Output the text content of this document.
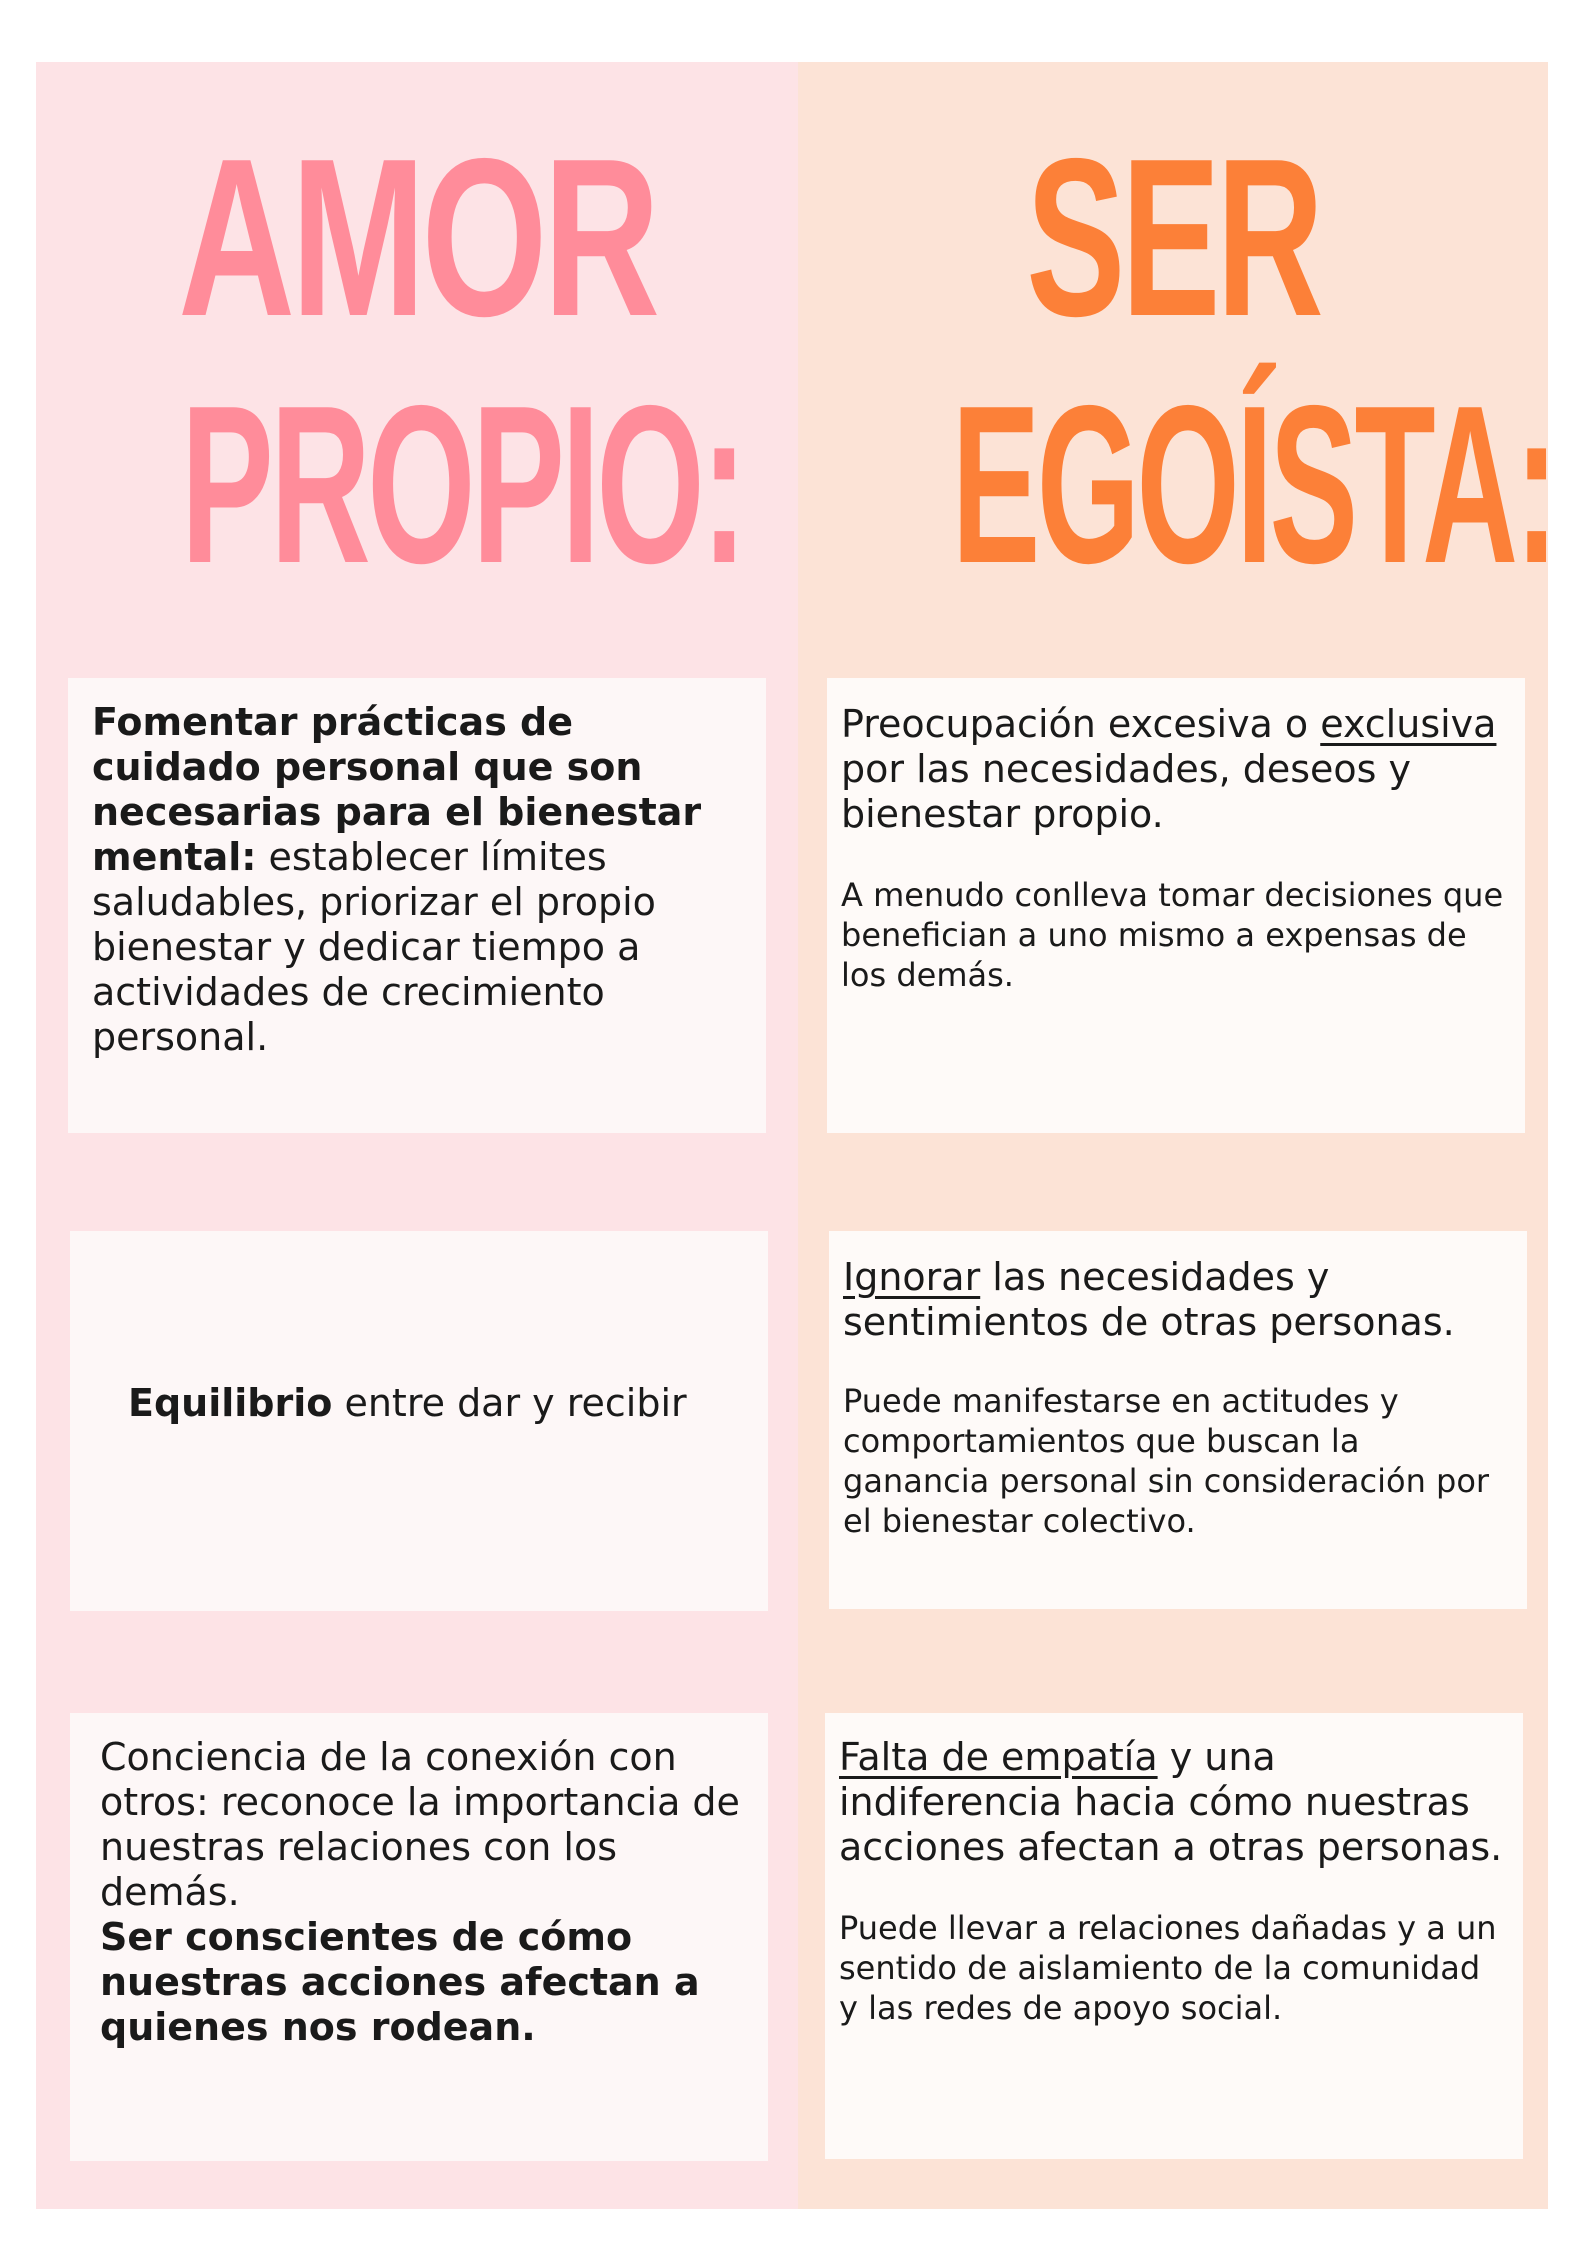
AMOR
PROPIO:
SER
EGOÍSTA:

Fomentar prácticas de cuidado personal que son necesarias para el bienestar mental: establecer límites saludables, priorizar el propio bienestar y dedicar tiempo a actividades de crecimiento personal.

Equilibrio entre dar y recibir

Conciencia de la conexión con otros: reconoce la importancia de nuestras relaciones con los demás.

Ser conscientes de cómo nuestras acciones afectan a quienes nos rodean.

Preocupación excesiva o exclusiva por las necesidades, deseos y bienestar propio.

A menudo conlleva tomar decisiones que benefician a uno mismo a expensas de los demás.

Ignorar las necesidades y sentimientos de otras personas.

Puede manifestarse en actitudes y comportamientos que buscan la ganancia personal sin consideración por el bienestar colectivo.

Falta de empatía y una indiferencia hacia cómo nuestras acciones afectan a otras personas.

Puede llevar a relaciones dañadas y a un sentido de aislamiento de la comunidad y las redes de apoyo social.
